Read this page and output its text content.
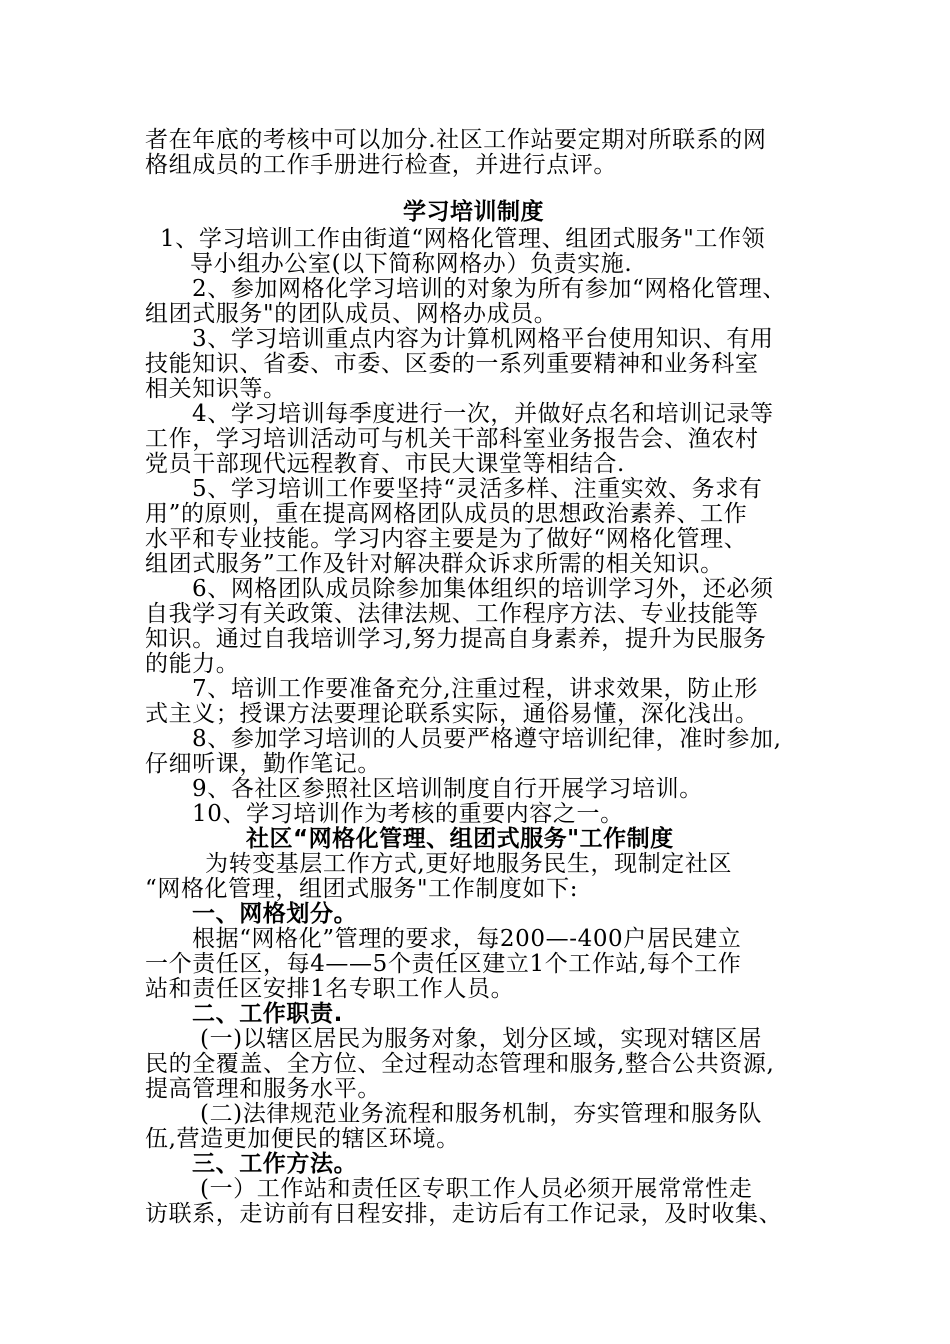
者在年底的考核中可以加分.社区工作站要定期对所联系的网
格组成员的工作手册进行检查，并进行点评。
学习培训制度
1、学习培训工作由街道“网格化管理、组团式服务"工作领
导小组办公室(以下简称网格办）负责实施.
2、参加网格化学习培训的对象为所有参加“网格化管理、
组团式服务"的团队成员、网格办成员。
3、学习培训重点内容为计算机网格平台使用知识、有用
技能知识、省委、市委、区委的一系列重要精神和业务科室
相关知识等。
4、学习培训每季度进行一次，并做好点名和培训记录等
工作，学习培训活动可与机关干部科室业务报告会、渔农村
党员干部现代远程教育、市民大课堂等相结合.
5、学习培训工作要坚持“灵活多样、注重实效、务求有
用”的原则，重在提高网格团队成员的思想政治素养、工作
水平和专业技能。学习内容主要是为了做好“网格化管理、
组团式服务”工作及针对解决群众诉求所需的相关知识。
6、网格团队成员除参加集体组织的培训学习外，还必须
自我学习有关政策、法律法规、工作程序方法、专业技能等
知识。通过自我培训学习,努力提高自身素养，提升为民服务
的能力。
7、培训工作要准备充分,注重过程，讲求效果，防止形
式主义；授课方法要理论联系实际，通俗易懂，深化浅出。
8、参加学习培训的人员要严格遵守培训纪律，准时参加,
仔细听课，勤作笔记。
9、各社区参照社区培训制度自行开展学习培训。
10、学习培训作为考核的重要内容之一。
社区“网格化管理、组团式服务"工作制度
为转变基层工作方式,更好地服务民生，现制定社区
“网格化管理，组团式服务"工作制度如下:
一、网格划分。
根据“网格化”管理的要求，每200—-400户居民建立
一个责任区，每4——5个责任区建立1个工作站,每个工作
站和责任区安排1名专职工作人员。
二、工作职责.
(一)以辖区居民为服务对象，划分区域，实现对辖区居
民的全覆盖、全方位、全过程动态管理和服务,整合公共资源,
提高管理和服务水平。
(二)法律规范业务流程和服务机制，夯实管理和服务队
伍,营造更加便民的辖区环境。
三、工作方法。
(一）工作站和责任区专职工作人员必须开展常常性走
访联系，走访前有日程安排，走访后有工作记录，及时收集、
